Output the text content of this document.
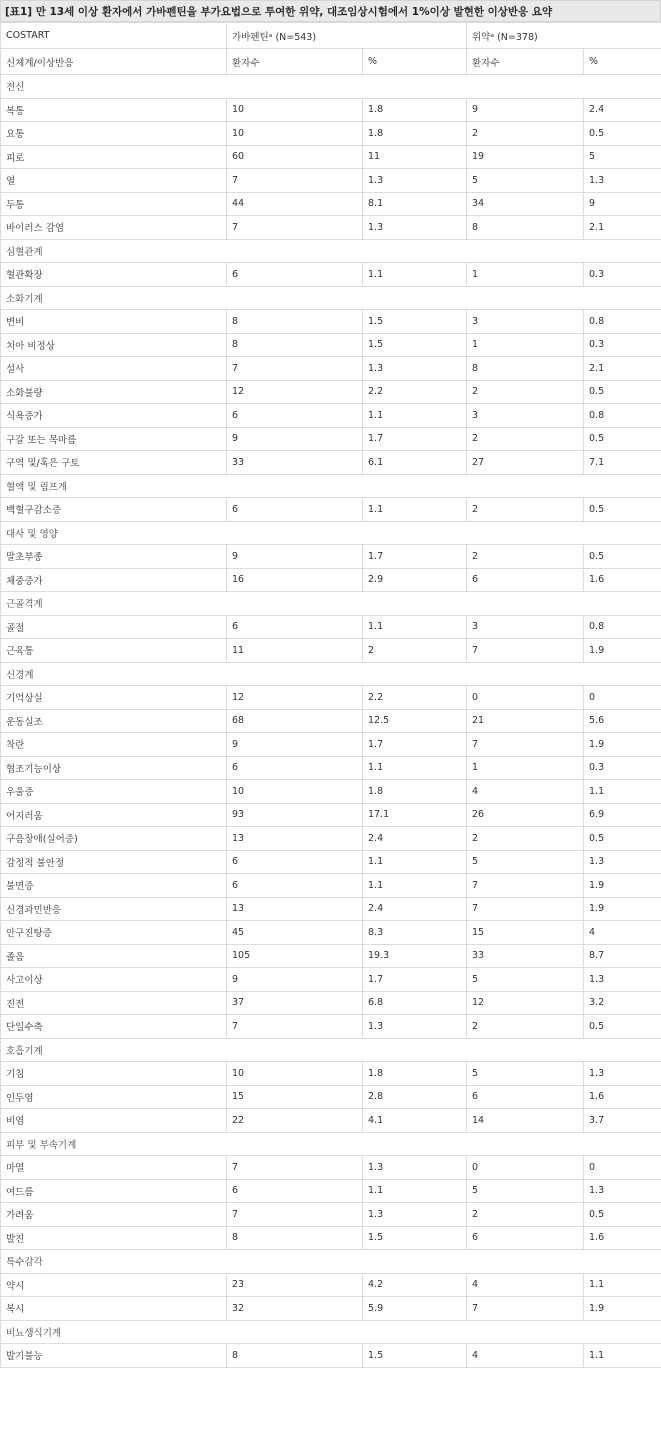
[표1] 만 13세 이상 환자에서 가바펜틴을 부가요법으로 투여한 위약, 대조임상시험에서 1%이상 발현한 이상반응 요약
COSTART	가바펜틴ᵃ (N=543)		위약ᵃ (N=378)	
신체계/이상반응	환자수	%	환자수	%
전신				
복통	10	1.8	9	2.4
요통	10	1.8	2	0.5
피로	60	11	19	5
열	7	1.3	5	1.3
두통	44	8.1	34	9
바이러스 감염	7	1.3	8	2.1
심혈관계				
혈관확장	6	1.1	1	0.3
소화기계				
변비	8	1.5	3	0.8
치아 비정상	8	1.5	1	0.3
설사	7	1.3	8	2.1
소화불량	12	2.2	2	0.5
식욕증가	6	1.1	3	0.8
구갈 또는 목마름	9	1.7	2	0.5
구역 및/혹은 구토	33	6.1	27	7.1
혈액 및 림프계				
백혈구감소증	6	1.1	2	0.5
대사 및 영양				
말초부종	9	1.7	2	0.5
체중증가	16	2.9	6	1.6
근골격계				
골절	6	1.1	3	0.8
근육통	11	2	7	1.9
신경계				
기억상실	12	2.2	0	0
운동실조	68	12.5	21	5.6
착란	9	1.7	7	1.9
협조기능이상	6	1.1	1	0.3
우울증	10	1.8	4	1.1
어지러움	93	17.1	26	6.9
구음장애(실어증)	13	2.4	2	0.5
감정적 불안정	6	1.1	5	1.3
불면증	6	1.1	7	1.9
신경과민반응	13	2.4	7	1.9
안구진탕증	45	8.3	15	4
졸음	105	19.3	33	8.7
사고이상	9	1.7	5	1.3
진전	37	6.8	12	3.2
단일수축	7	1.3	2	0.5
호흡기계				
기침	10	1.8	5	1.3
인두염	15	2.8	6	1.6
비염	22	4.1	14	3.7
피부 및 부속기계				
마멸	7	1.3	0	0
여드름	6	1.1	5	1.3
가려움	7	1.3	2	0.5
발진	8	1.5	6	1.6
특수감각				
약시	23	4.2	4	1.1
복시	32	5.9	7	1.9
비뇨생식기계				
발기불능	8	1.5	4	1.1
